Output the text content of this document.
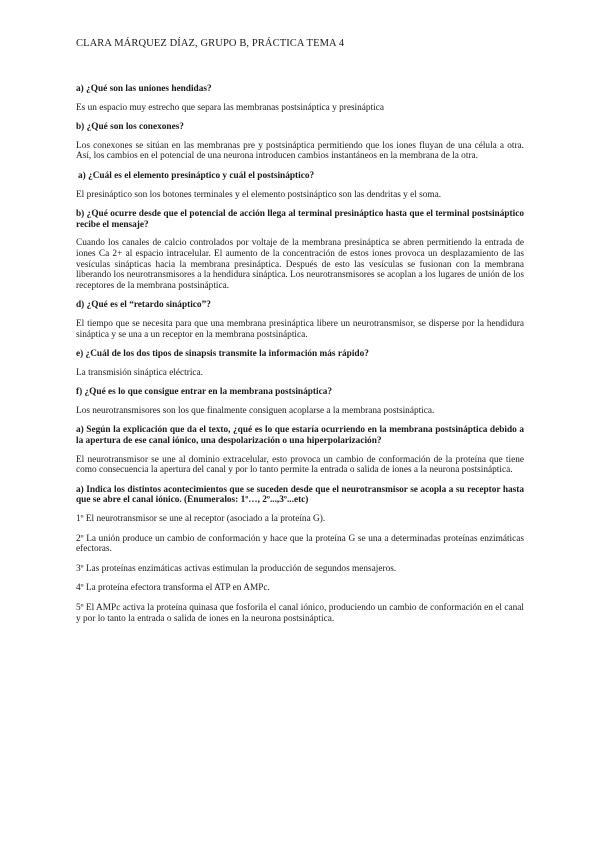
CLARA MÁRQUEZ DÍAZ, GRUPO B, PRÁCTICA TEMA 4

a) ¿Qué son las uniones hendidas?

Es un espacio muy estrecho que separa las membranas postsináptica y presináptica

b) ¿Qué son los conexones?

Los conexones se sitúan en las membranas pre y postsináptica permitiendo que los iones fluyan de una célula a otra. Así, los cambios en el potencial de una neurona introducen cambios instantáneos en la membrana de la otra.

a) ¿Cuál es el elemento presináptico y cuál el postsináptico?

El presináptico son los botones terminales y el elemento postsináptico son las dendritas y el soma.

b) ¿Qué ocurre desde que el potencial de acción llega al terminal presináptico hasta que el terminal postsináptico recibe el mensaje?

Cuando los canales de calcio controlados por voltaje de la membrana presináptica se abren permitiendo la entrada de iones Ca 2+ al espacio intracelular. El aumento de la concentración de estos iones provoca un desplazamiento de las vesículas sinápticas hacia la membrana presináptica. Después de esto las vesículas se fusionan con la membrana liberando los neurotransmisores a la hendidura sináptica. Los neurotransmisores se acoplan a los lugares de unión de los receptores de la membrana postsináptica.

d) ¿Qué es el “retardo sináptico”?

El tiempo que se necesita para que una membrana presináptica libere un neurotransmisor, se disperse por la hendidura sináptica y se una a un receptor en la membrana postsináptica.

e) ¿Cuál de los dos tipos de sinapsis transmite la información más rápido?

La transmisión sináptica eléctrica.

f) ¿Qué es lo que consigue entrar en la membrana postsináptica?

Los neurotransmisores son los que finalmente consiguen acoplarse a la membrana postsináptica.

a) Según la explicación que da el texto, ¿qué es lo que estaría ocurriendo en la membrana postsináptica debido a la apertura de ese canal iónico, una despolarización o una hiperpolarización?

El neurotransmisor se une al dominio extracelular, esto provoca un cambio de conformación de la proteína que tiene como consecuencia la apertura del canal y por lo tanto permite la entrada o salida de iones a la neurona postsináptica.

a) Indica los distintos acontecimientos que se suceden desde que el neurotransmisor se acopla a su receptor hasta que se abre el canal iónico. (Enumeralos: 1º…, 2º...,3º...etc)

1º El neurotransmisor se une al receptor (asociado a la proteína G).

2º La unión produce un cambio de conformación y hace que la proteína G se una a determinadas proteínas enzimáticas efectoras.

3º Las proteínas enzimáticas activas estimulan la producción de segundos mensajeros.

4º La proteína efectora transforma el ATP en AMPc.

5º El AMPc activa la proteína quinasa que fosforila el canal iónico, produciendo un cambio de conformación en el canal y por lo tanto la entrada o salida de iones en la neurona postsináptica.
